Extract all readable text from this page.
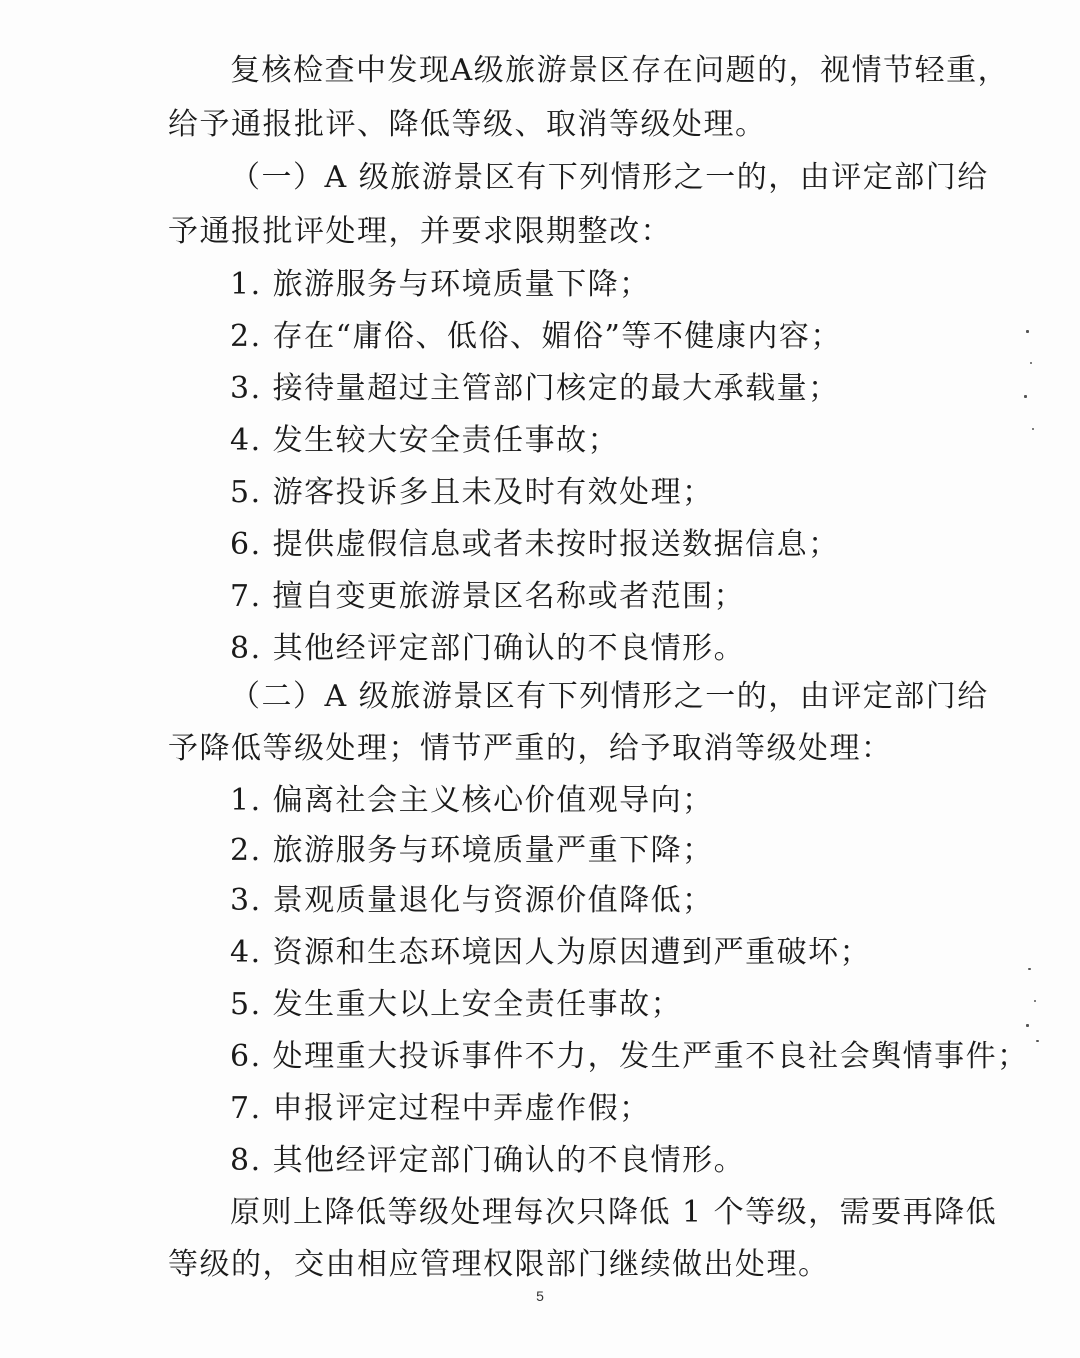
复核检查中发现A级旅游景区存在问题的，视情节轻重，
给予通报批评、降低等级、取消等级处理。
（一）A 级旅游景区有下列情形之一的，由评定部门给
予通报批评处理，并要求限期整改：
1. 旅游服务与环境质量下降；
2. 存在“庸俗、低俗、媚俗”等不健康内容；
3. 接待量超过主管部门核定的最大承载量；
4. 发生较大安全责任事故；
5. 游客投诉多且未及时有效处理；
6. 提供虚假信息或者未按时报送数据信息；
7. 擅自变更旅游景区名称或者范围；
8. 其他经评定部门确认的不良情形。
（二）A 级旅游景区有下列情形之一的，由评定部门给
予降低等级处理；情节严重的，给予取消等级处理：
1. 偏离社会主义核心价值观导向；
2. 旅游服务与环境质量严重下降；
3. 景观质量退化与资源价值降低；
4. 资源和生态环境因人为原因遭到严重破坏；
5. 发生重大以上安全责任事故；
6. 处理重大投诉事件不力，发生严重不良社会舆情事件；
7. 申报评定过程中弄虚作假；
8. 其他经评定部门确认的不良情形。
原则上降低等级处理每次只降低 1 个等级，需要再降低
等级的，交由相应管理权限部门继续做出处理。
5
